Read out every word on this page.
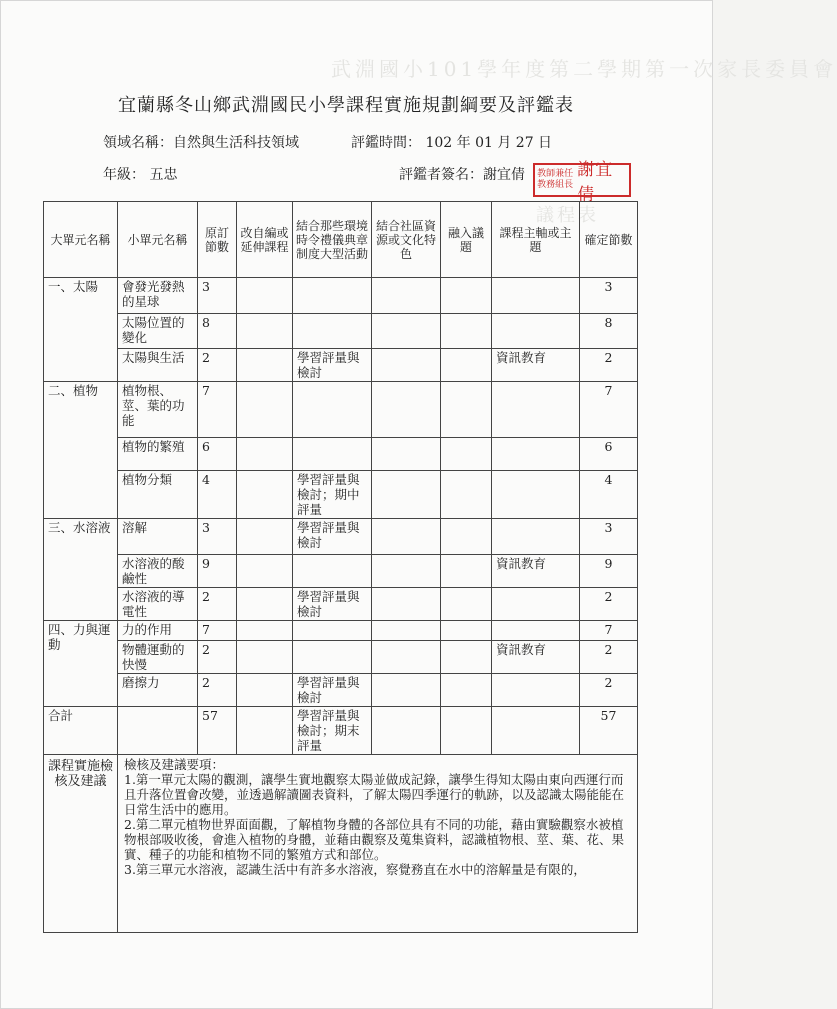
武淵國小101學年度第二學期第一次家長委員會
議程表
宜蘭縣冬山鄉武淵國民小學課程實施規劃綱要及評鑑表
領域名稱：自然與生活科技領域	評鑑時間： 102 年 01 月 27 日
年級： 五忠	評鑑者簽名：謝宜倩 教師兼任教務組長
謝宜倩
大單元名稱	小單元名稱	原訂節數	改自編或延伸課程	結合那些環境時令禮儀典章制度大型活動	結合社區資源或文化特色	融入議題	課程主軸或主題	確定節數
一、太陽	會發光發熱的星球	3						3
	太陽位置的變化	8						8
	太陽與生活	2		學習評量與檢討			資訊教育	2
二、植物	植物根、莖、葉的功能	7						7
	植物的繁殖	6						6
	植物分類	4		學習評量與檢討；期中評量				4
三、水溶液	溶解	3		學習評量與檢討				3
	水溶液的酸鹼性	9					資訊教育	9
	水溶液的導電性	2		學習評量與檢討				2
四、力與運動	力的作用	7						7
	物體運動的快慢	2					資訊教育	2
	磨擦力	2		學習評量與檢討				2
合計		57		學習評量與檢討；期末評量				57
課程實施檢核及建議	檢核及建議要項：

1.第一單元太陽的觀測，讓學生實地觀察太陽並做成記錄，讓學生得知太陽由東向西運行而且升落位置會改變，並透過解讀圖表資料，了解太陽四季運行的軌跡，以及認識太陽能能在日常生活中的應用。

2.第二單元植物世界面面觀，了解植物身體的各部位具有不同的功能，藉由實驗觀察水被植物根部吸收後，會進入植物的身體，並藉由觀察及蒐集資料，認識植物根、莖、葉、花、果實、種子的功能和植物不同的繁殖方式和部位。

3.第三單元水溶液，認識生活中有許多水溶液，察覺務直在水中的溶解量是有限的，							
